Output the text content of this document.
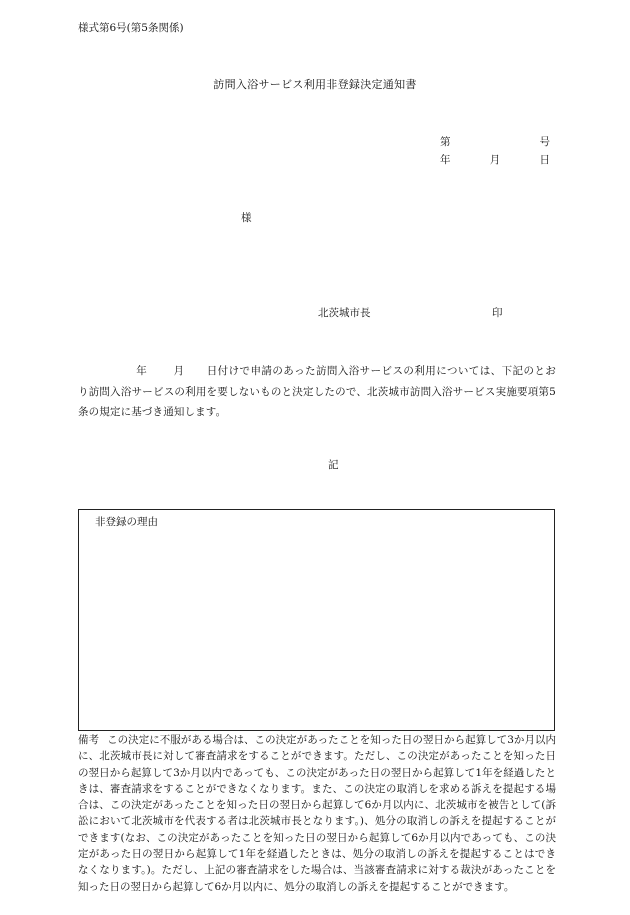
様式第6号(第5条関係)
訪問入浴サービス利用非登録決定通知書
第	号
年	月	日
様
北茨城市長	印
年 月 日付けで申請のあった訪問入浴サービスの利用については、下記のとおり訪問入浴サービスの利用を要しないものと決定したので、北茨城市訪問入浴サービス実施要項第5条の規定に基づき通知します。
記
非登録の理由
備考 この決定に不服がある場合は、この決定があったことを知った日の翌日から起算して3か月以内に、北茨城市長に対して審査請求をすることができます。ただし、この決定があったことを知った日の翌日から起算して3か月以内であっても、この決定があった日の翌日から起算して1年を経過したときは、審査請求をすることができなくなります。また、この決定の取消しを求める訴えを提起する場合は、この決定があったことを知った日の翌日から起算して6か月以内に、北茨城市を被告として(訴訟において北茨城市を代表する者は北茨城市長となります。)、処分の取消しの訴えを提起することができます(なお、この決定があったことを知った日の翌日から起算して6か月以内であっても、この決定があった日の翌日から起算して1年を経過したときは、処分の取消しの訴えを提起することはできなくなります。)。ただし、上記の審査請求をした場合は、当該審査請求に対する裁決があったことを知った日の翌日から起算して6か月以内に、処分の取消しの訴えを提起することができます。
